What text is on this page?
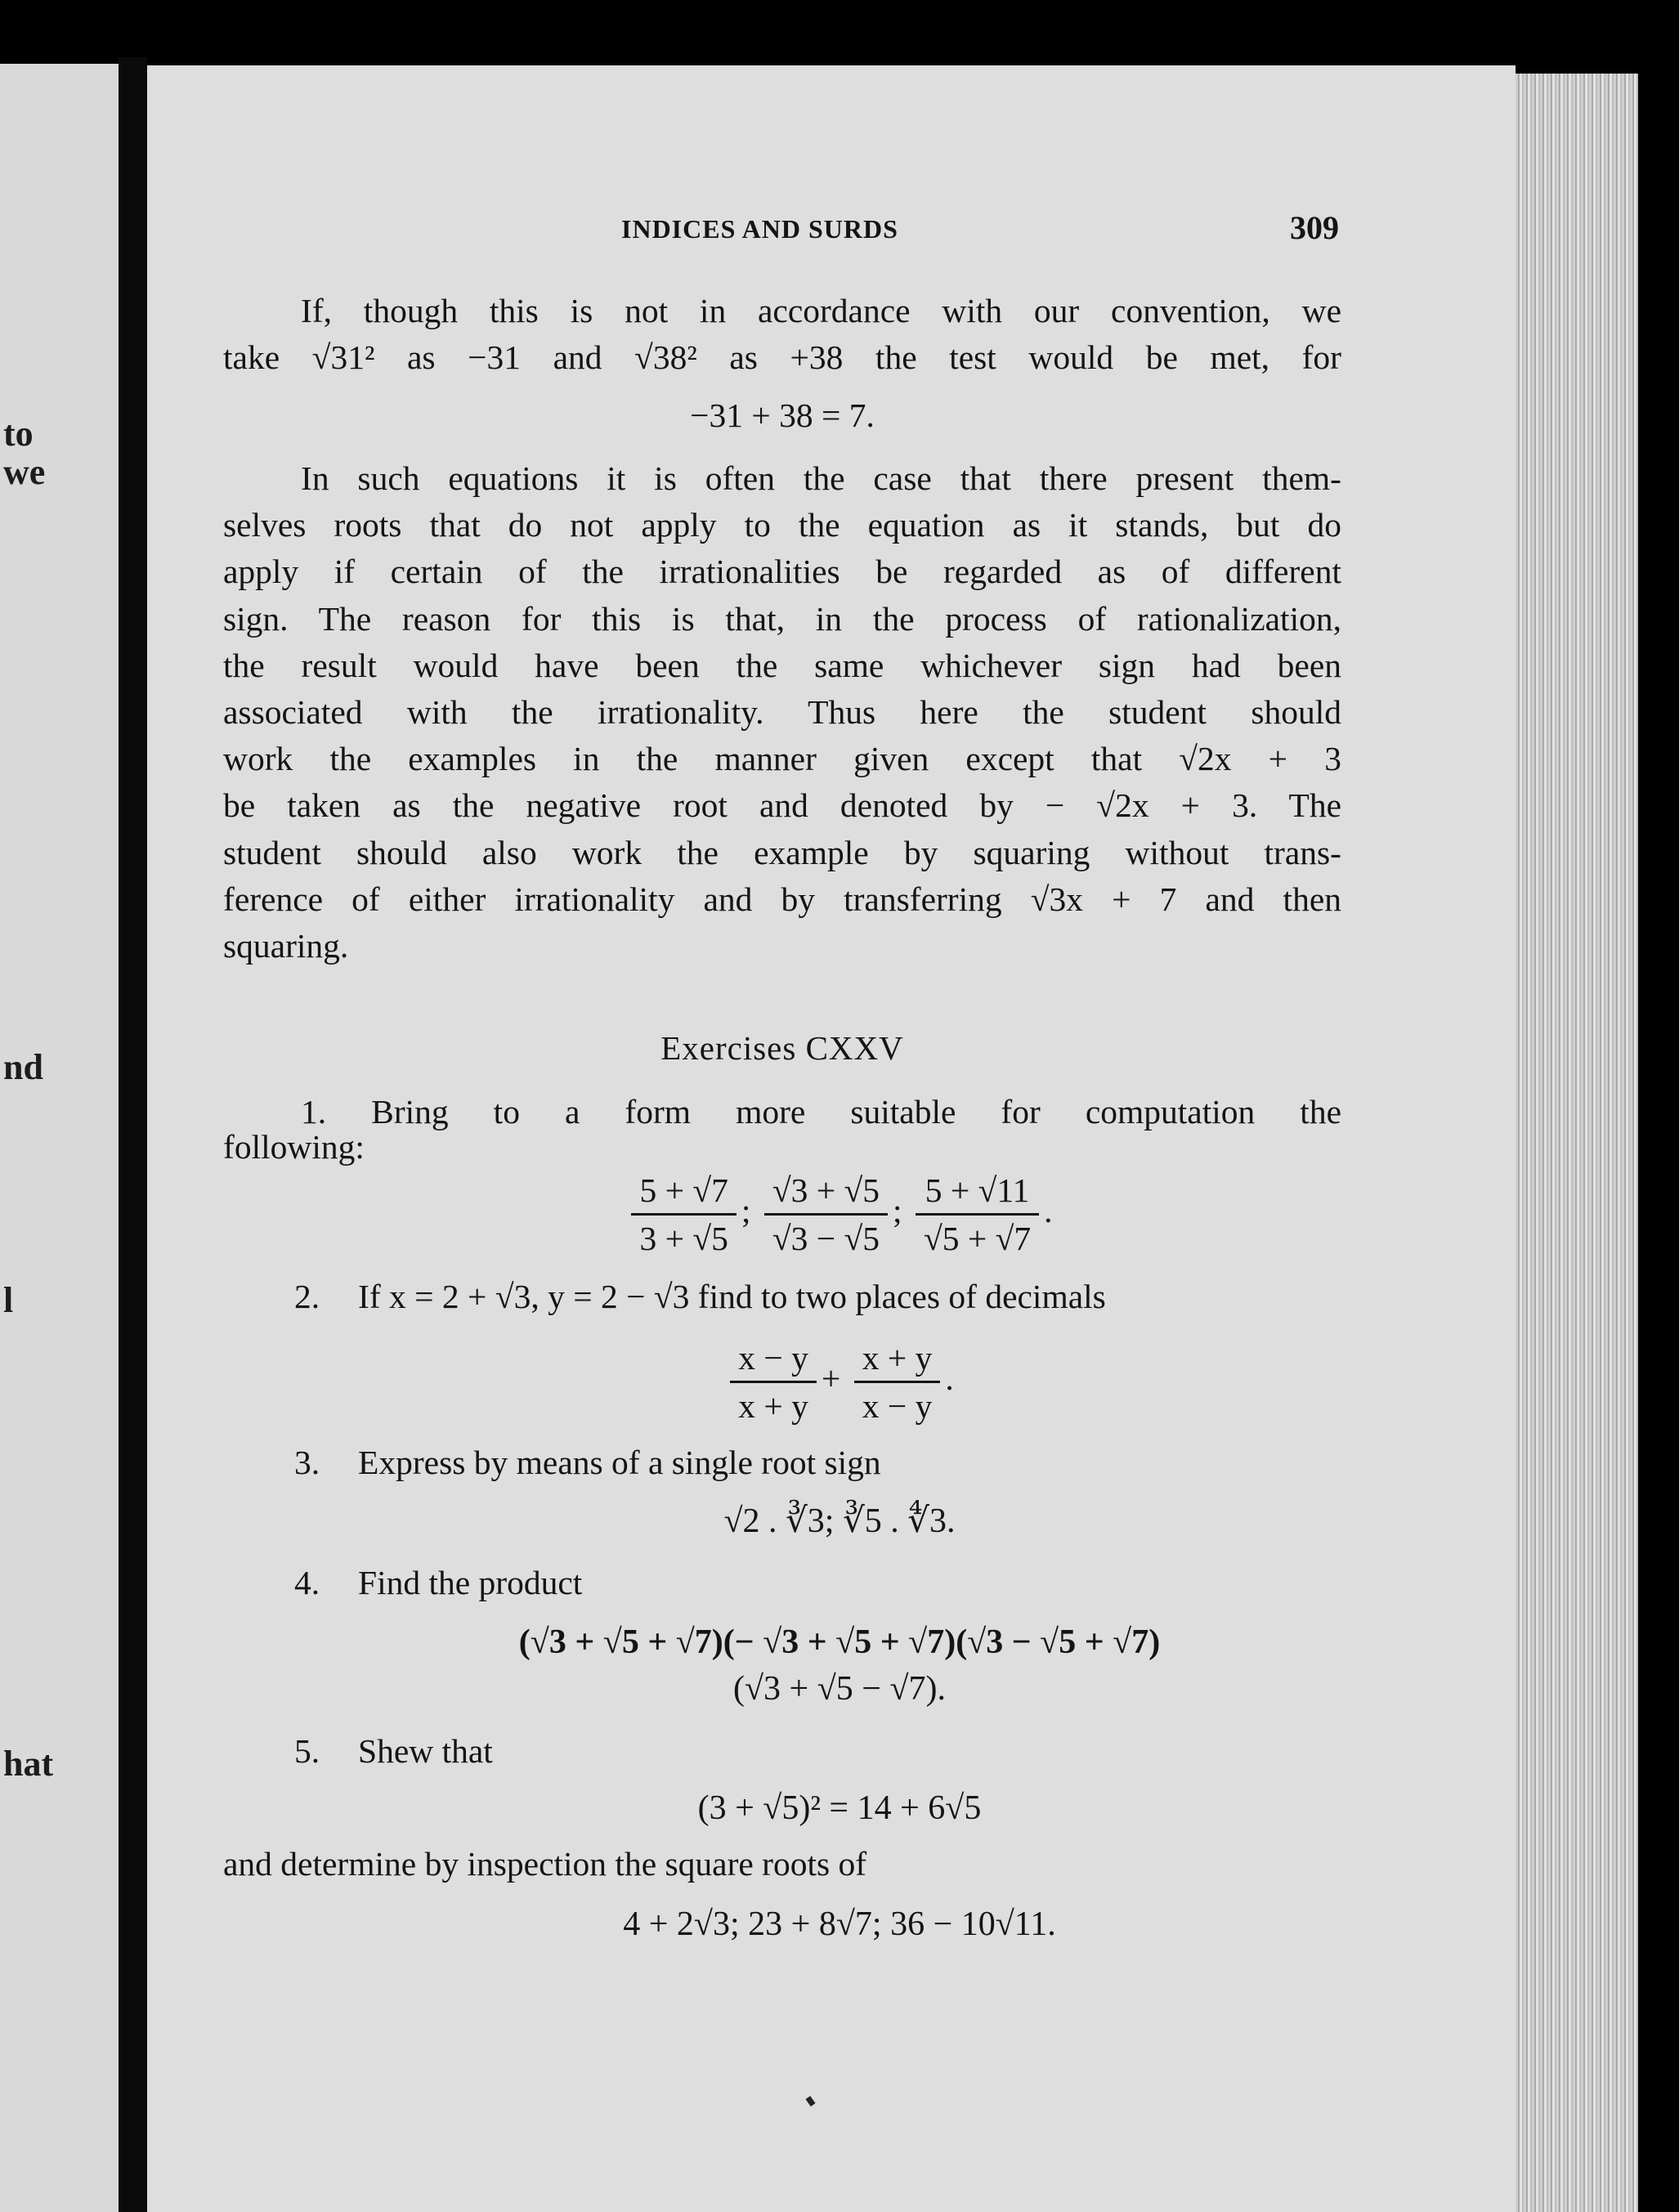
to
we
nd
l
hat
INDICES AND SURDS	309
If, though this is not in accordance with our convention, we
take √31² as −31 and √38² as +38 the test would be met, for
−31 + 38 = 7.
In such equations it is often the case that there present them-
selves roots that do not apply to the equation as it stands, but do
apply if certain of the irrationalities be regarded as of different
sign. The reason for this is that, in the process of rationalization,
the result would have been the same whichever sign had been
associated with the irrationality. Thus here the student should
work the examples in the manner given except that √2x + 3
be taken as the negative root and denoted by − √2x + 3. The
student should also work the example by squaring without trans-
ference of either irrationality and by transferring √3x + 7 and then
squaring.
Exercises CXXV
1. Bring to a form more suitable for computation the
following:
$\frac{5 + √7}{3 + √5}$ ; $\frac{√3 + √5}{√3 - √5}$ ; $\frac{5 + √11}{√5 + √7}$ .
2. If x = 2 + √3, y = 2 − √3 find to two places of decimals
$\frac{x - y}{x + y} + \frac{x + y}{x - y}$ .
3. Express by means of a single root sign
√2 . ∛3; ∛5 . ∜3.
4. Find the product
(√3 + √5 + √7)(− √3 + √5 + √7)(√3 − √5 + √7)
(√3 + √5 − √7).
5. Shew that
(3 + √5)² = 14 + 6√5
and determine by inspection the square roots of
4 + 2√3; 23 + 8√7; 36 − 10√11.
